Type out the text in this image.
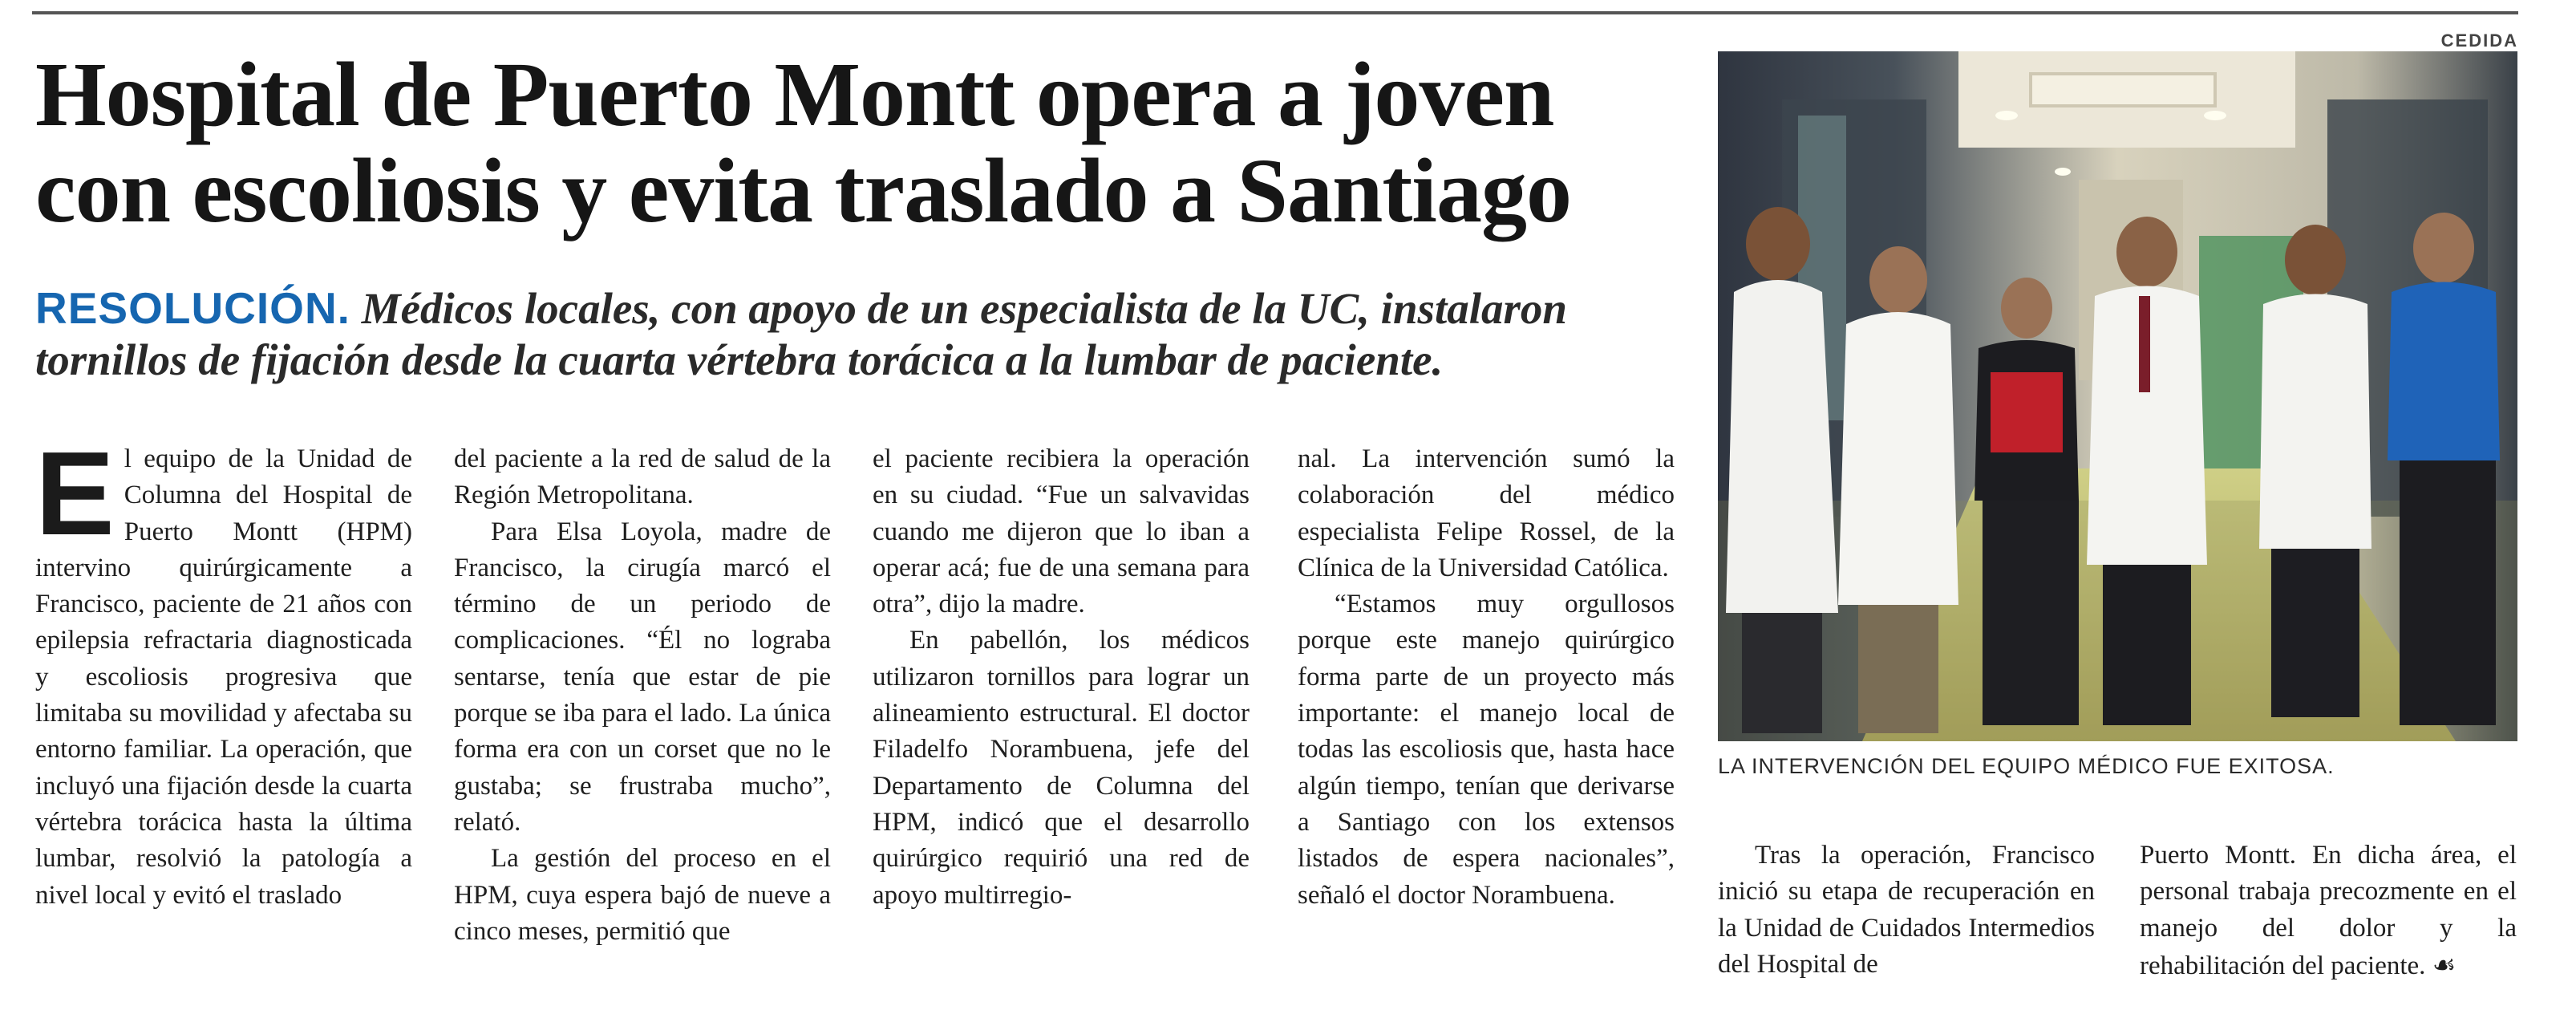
Hospital de Puerto Montt opera a joven
con escoliosis y evita traslado a Santiago

RESOLUCIÓN. Médicos locales, con apoyo de un especialista de la UC, instalaron tornillos de fijación desde la cuarta vértebra torácica a la lumbar de paciente.

El equipo de la Unidad de Columna del Hospital de Puerto Montt (HPM) intervino quirúrgicamente a Francisco, paciente de 21 años con epilepsia refractaria diagnosticada y escoliosis progresiva que limitaba su movilidad y afectaba su entorno familiar. La operación, que incluyó una fijación desde la cuarta vértebra torácica hasta la última lumbar, resolvió la patología a nivel local y evitó el traslado

del paciente a la red de salud de la Región Metropolitana.

Para Elsa Loyola, madre de Francisco, la cirugía marcó el término de un periodo de complicaciones. “Él no lograba sentarse, tenía que estar de pie porque se iba para el lado. La única forma era con un corset que no le gustaba; se frustraba mucho”, relató.

La gestión del proceso en el HPM, cuya espera bajó de nueve a cinco meses, permitió que

el paciente recibiera la operación en su ciudad. “Fue un salvavidas cuando me dijeron que lo iban a operar acá; fue de una semana para otra”, dijo la madre.

En pabellón, los médicos utilizaron tornillos para lograr un alineamiento estructural. El doctor Filadelfo Norambuena, jefe del Departamento de Columna del HPM, indicó que el desarrollo quirúrgico requirió una red de apoyo multirregio-

nal. La intervención sumó la colaboración del médico especialista Felipe Rossel, de la Clínica de la Universidad Católica.

“Estamos muy orgullosos porque este manejo quirúrgico forma parte de un proyecto más importante: el manejo local de todas las escoliosis que, hasta hace algún tiempo, tenían que derivarse a Santiago con los extensos listados de espera nacionales”, señaló el doctor Norambuena.

Tras la operación, Francisco inició su etapa de recuperación en la Unidad de Cuidados Intermedios del Hospital de

Puerto Montt. En dicha área, el personal trabaja precozmente en el manejo del dolor y la rehabilitación del paciente. ☙

CEDIDA
LA INTERVENCIÓN DEL EQUIPO MÉDICO FUE EXITOSA.
